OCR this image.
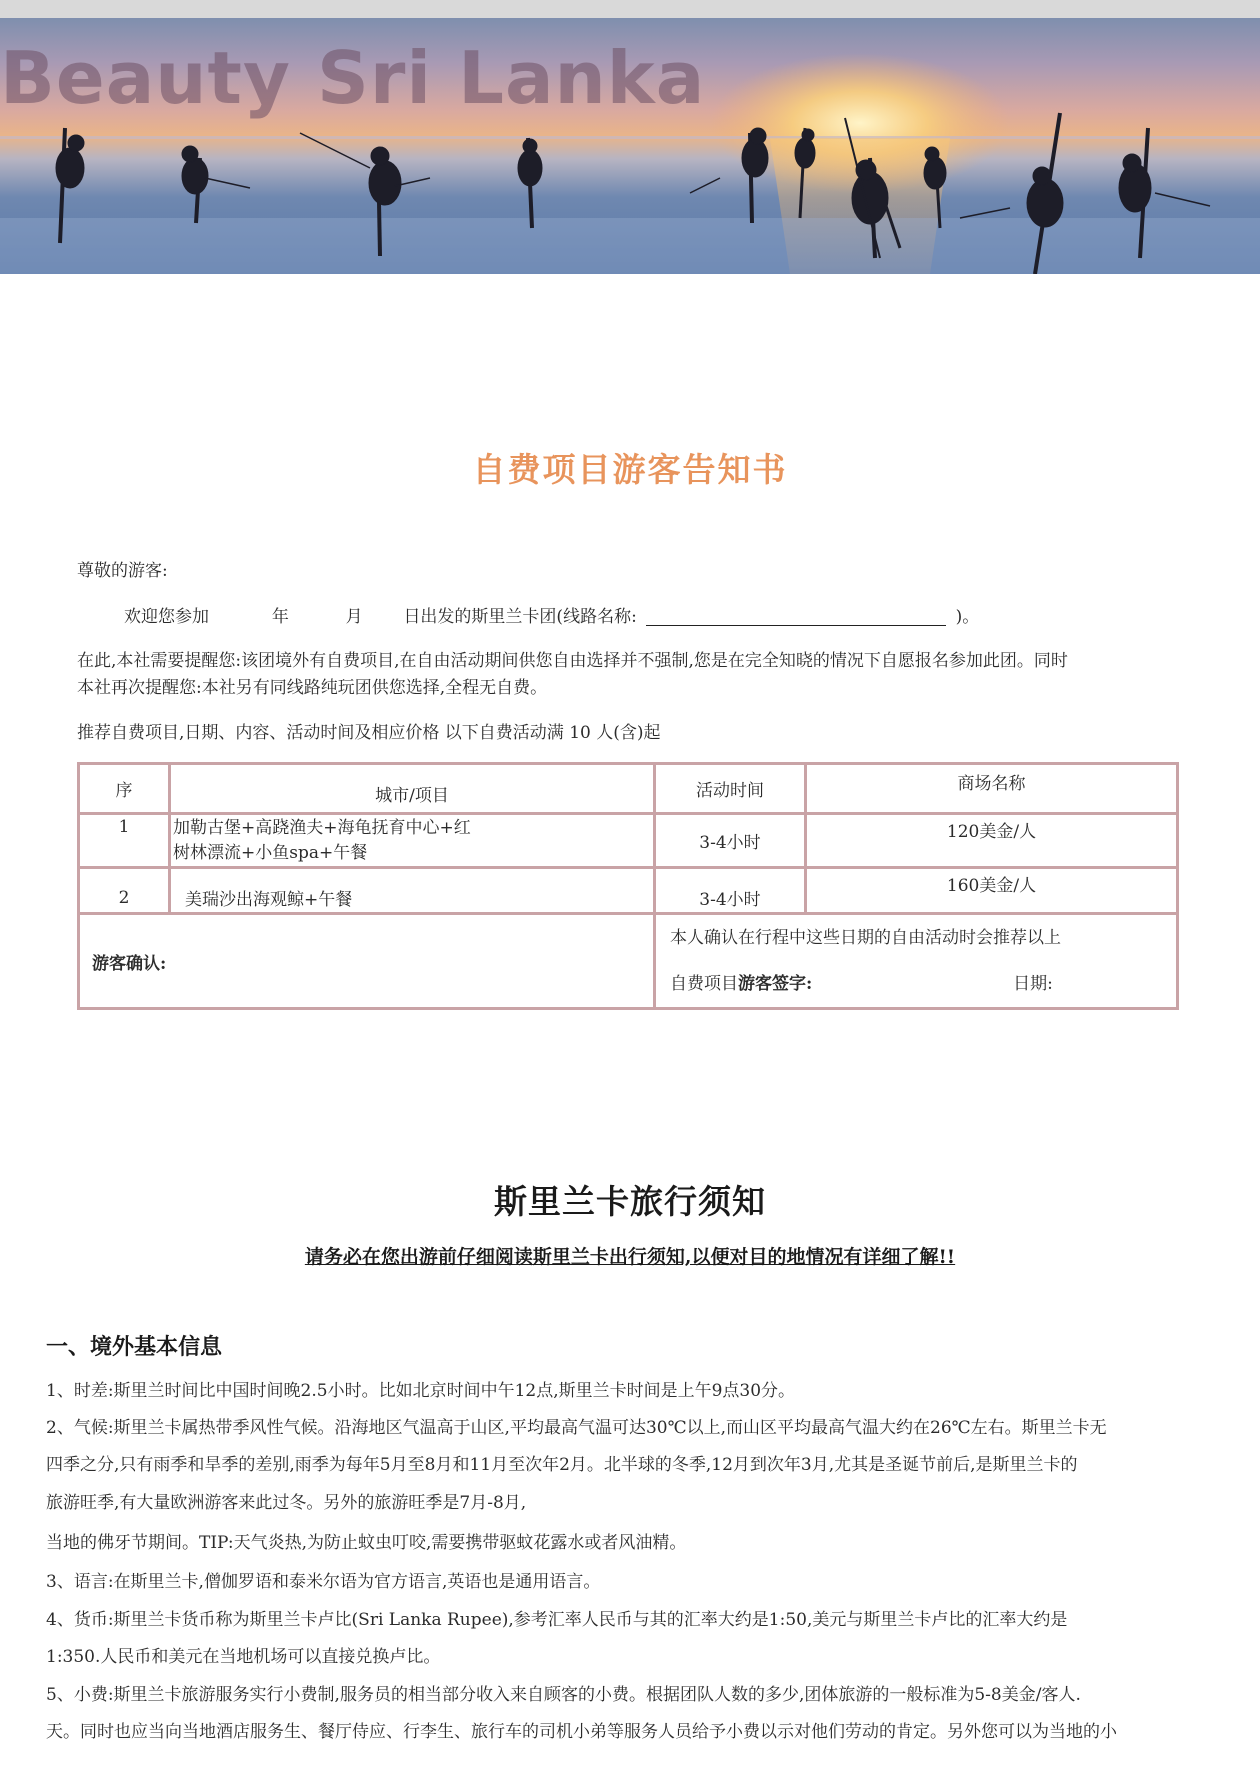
Beauty Sri Lanka
自费项目游客告知书
尊敬的游客:
欢迎您参加	年	月 日出发的斯里兰卡团(线路名称:	)。
在此,本社需要提醒您:该团境外有自费项目,在自由活动期间供您自由选择并不强制,您是在完全知晓的情况下自愿报名参加此团。同时
本社再次提醒您:本社另有同线路纯玩团供您选择,全程无自费。
推荐自费项目,日期、内容、活动时间及相应价格 以下自费活动满 10 人(含)起
序	城市/项目	活动时间	商场名称
1	加勒古堡+高跷渔夫+海龟抚育中心+红
树林漂流+小鱼spa+午餐	3-4小时	120美金/人
2	美瑞沙出海观鲸+午餐	3-4小时	160美金/人
游客确认:		本人确认在行程中这些日期的自由活动时会推荐以上
自费项目游客签字: 日期:	
斯里兰卡旅行须知
请务必在您出游前仔细阅读斯里兰卡出行须知,以便对目的地情况有详细了解!!
一、境外基本信息
1、时差:斯里兰时间比中国时间晚2.5小时。比如北京时间中午12点,斯里兰卡时间是上午9点30分。
2、气候:斯里兰卡属热带季风性气候。沿海地区气温高于山区,平均最高气温可达30℃以上,而山区平均最高气温大约在26℃左右。斯里兰卡无
四季之分,只有雨季和旱季的差别,雨季为每年5月至8月和11月至次年2月。北半球的冬季,12月到次年3月,尤其是圣诞节前后,是斯里兰卡的
旅游旺季,有大量欧洲游客来此过冬。另外的旅游旺季是7月-8月,
当地的佛牙节期间。TIP:天气炎热,为防止蚊虫叮咬,需要携带驱蚊花露水或者风油精。
3、语言:在斯里兰卡,僧伽罗语和泰米尔语为官方语言,英语也是通用语言。
4、货币:斯里兰卡货币称为斯里兰卡卢比(Sri Lanka Rupee),参考汇率人民币与其的汇率大约是1:50,美元与斯里兰卡卢比的汇率大约是
1:350.人民币和美元在当地机场可以直接兑换卢比。
5、小费:斯里兰卡旅游服务实行小费制,服务员的相当部分收入来自顾客的小费。根据团队人数的多少,团体旅游的一般标准为5-8美金/客人.
天。同时也应当向当地酒店服务生、餐厅侍应、行李生、旅行车的司机小弟等服务人员给予小费以示对他们劳动的肯定。另外您可以为当地的小
